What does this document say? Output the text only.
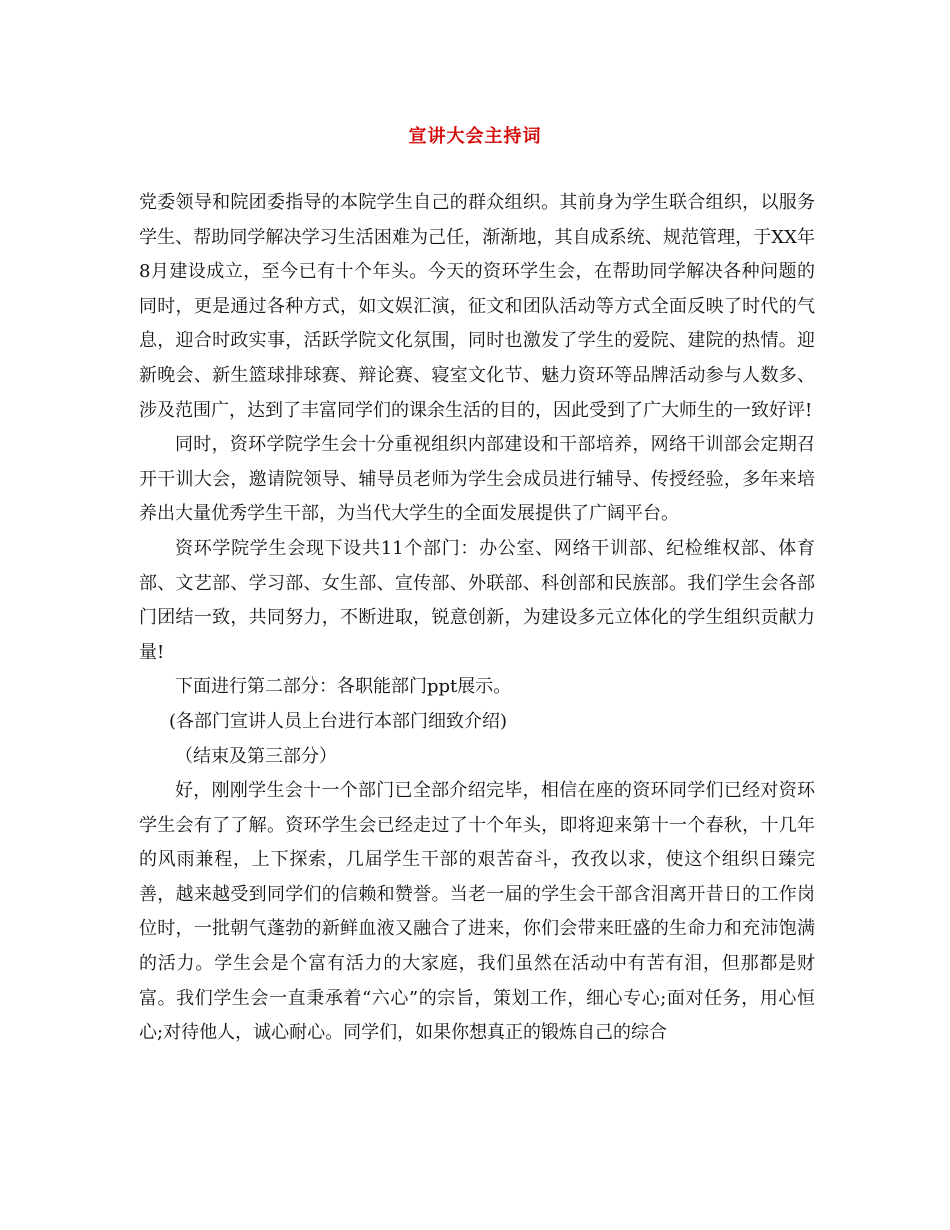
宣讲大会主持词

党委领导和院团委指导的本院学生自己的群众组织。其前身为学生联合组织，以服务学生、帮助同学解决学习生活困难为己任，渐渐地，其自成系统、规范管理，于XX年8月建设成立，至今已有十个年头。今天的资环学生会，在帮助同学解决各种问题的同时，更是通过各种方式，如文娱汇演，征文和团队活动等方式全面反映了时代的气息，迎合时政实事，活跃学院文化氛围，同时也激发了学生的爱院、建院的热情。迎新晚会、新生篮球排球赛、辩论赛、寝室文化节、魅力资环等品牌活动参与人数多、涉及范围广，达到了丰富同学们的课余生活的目的，因此受到了广大师生的一致好评!

同时，资环学院学生会十分重视组织内部建设和干部培养，网络干训部会定期召开干训大会，邀请院领导、辅导员老师为学生会成员进行辅导、传授经验，多年来培养出大量优秀学生干部，为当代大学生的全面发展提供了广阔平台。

资环学院学生会现下设共11个部门：办公室、网络干训部、纪检维权部、体育部、文艺部、学习部、女生部、宣传部、外联部、科创部和民族部。我们学生会各部门团结一致，共同努力，不断进取，锐意创新，为建设多元立体化的学生组织贡献力量!

下面进行第二部分：各职能部门ppt展示。

(各部门宣讲人员上台进行本部门细致介绍)

（结束及第三部分）

好，刚刚学生会十一个部门已全部介绍完毕，相信在座的资环同学们已经对资环学生会有了了解。资环学生会已经走过了十个年头，即将迎来第十一个春秋，十几年的风雨兼程，上下探索，几届学生干部的艰苦奋斗，孜孜以求，使这个组织日臻完善，越来越受到同学们的信赖和赞誉。当老一届的学生会干部含泪离开昔日的工作岗位时，一批朝气蓬勃的新鲜血液又融合了进来，你们会带来旺盛的生命力和充沛饱满的活力。学生会是个富有活力的大家庭，我们虽然在活动中有苦有泪，但那都是财富。我们学生会一直秉承着“六心”的宗旨，策划工作，细心专心;面对任务，用心恒心;对待他人，诚心耐心。同学们，如果你想真正的锻炼自己的综合
